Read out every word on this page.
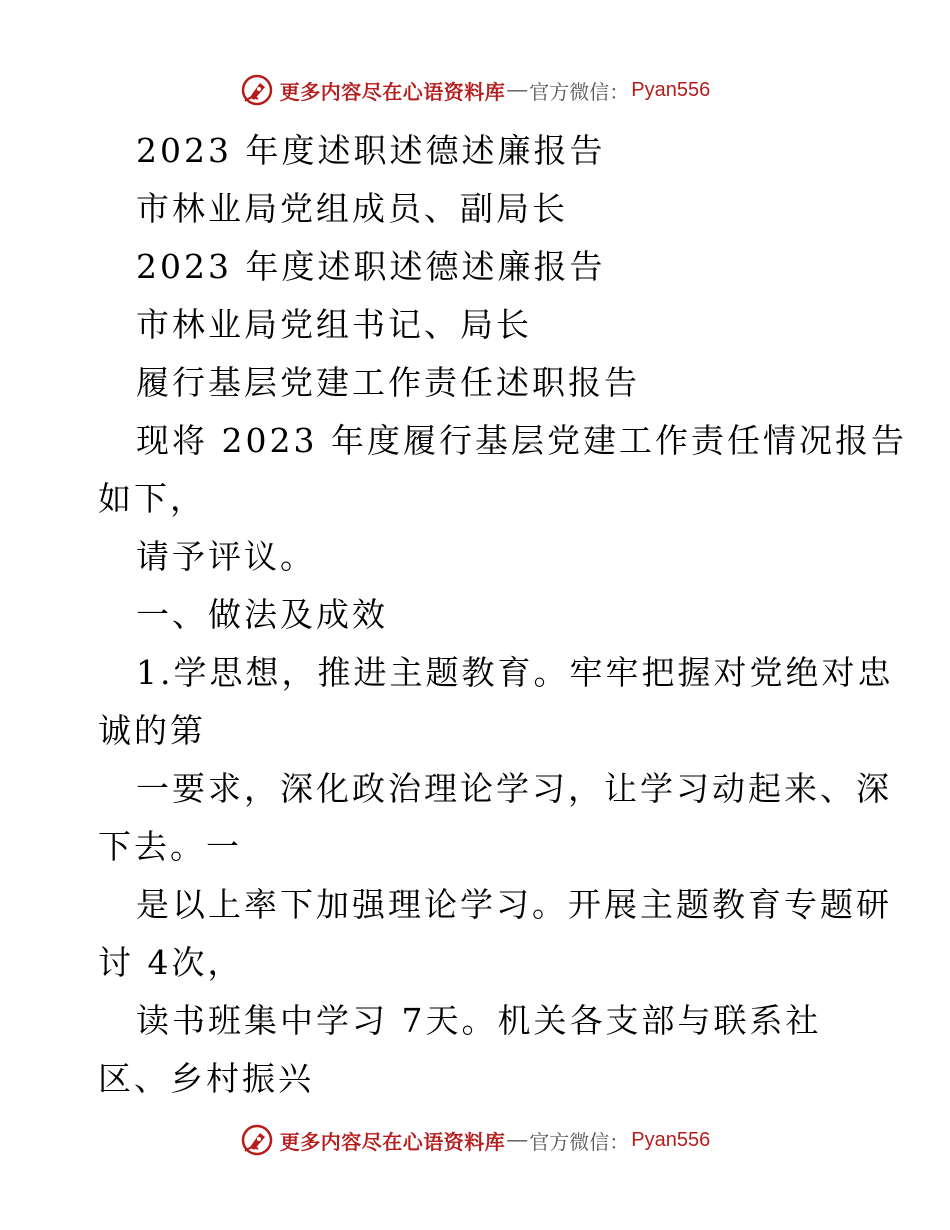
更多内容尽在心语资料库 — 官方微信： Pyan556
2023 年度述职述德述廉报告
市林业局党组成员、副局长
2023 年度述职述德述廉报告
市林业局党组书记、局长
履行基层党建工作责任述职报告
现将 2023 年度履行基层党建工作责任情况报告
如下，
请予评议。
一、做法及成效
1.学思想，推进主题教育。牢牢把握对党绝对忠
诚的第
一要求，深化政治理论学习，让学习动起来、深
下去。一
是以上率下加强理论学习。开展主题教育专题研
讨 4次，
读书班集中学习 7天。机关各支部与联系社
区、乡村振兴
更多内容尽在心语资料库 — 官方微信： Pyan556
